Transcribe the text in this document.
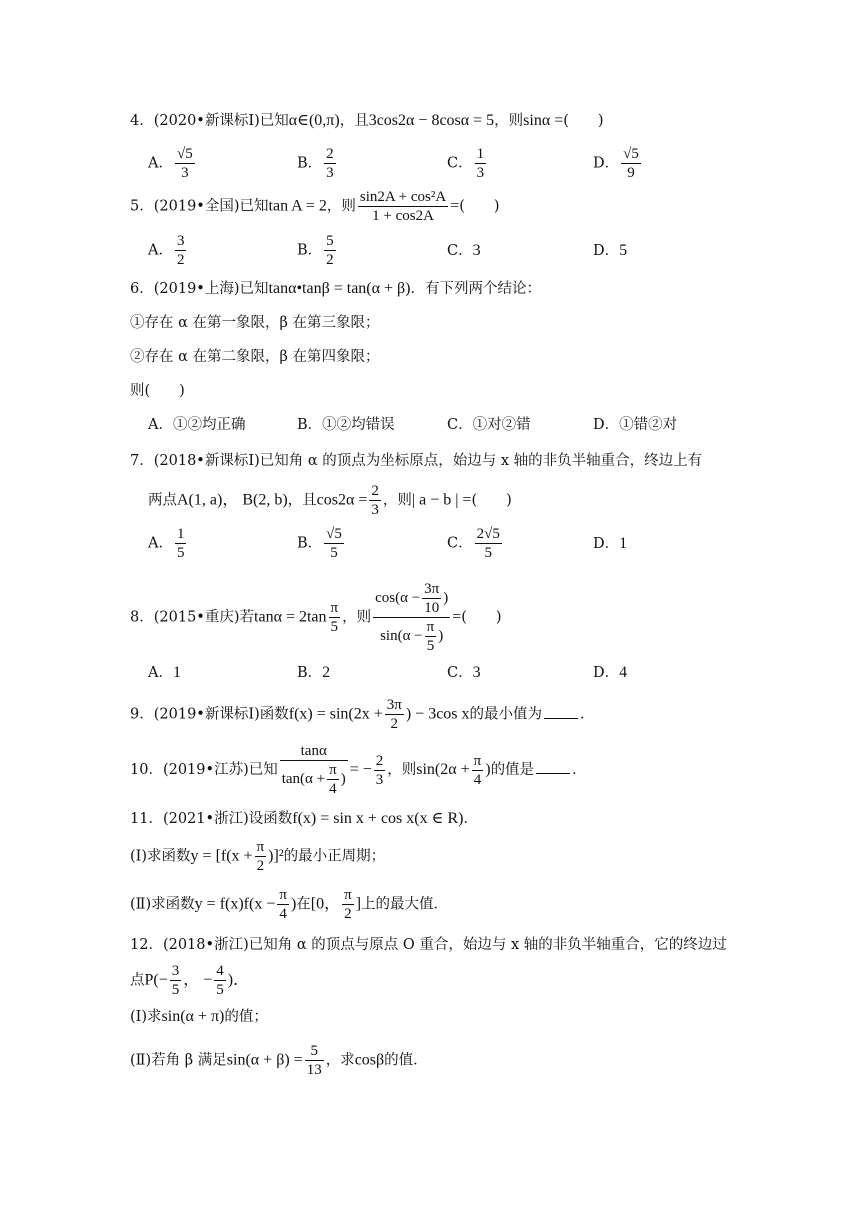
4．(2020•新课标Ⅰ)已知α∈(0,π)，且3cos2α − 8cosα = 5，则sinα =(　　)
A． $\frac{√5}{3}$	B． $\frac{2}{3}$	C． $\frac{1}{3}$	D． $\frac{√5}{9}$
5．(2019•全国)已知tan A = 2，则 $\frac{\text{sin2A + cos²A}}{1 + \cos 2A}$ =(　　)
A． $\frac{3}{2}$	B． $\frac{5}{2}$	C．3	D．5
6．(2019•上海)已知tanα•tanβ = tan(α + β)．有下列两个结论：
①存在 α 在第一象限，β 在第三象限；
②存在 α 在第二象限，β 在第四象限；
则(　　)
A．①②均正确	B．①②均错误	C．①对②错	D．①错②对
7．(2018•新课标Ⅰ)已知角 α 的顶点为坐标原点，始边与 x 轴的非负半轴重合，终边上有
两点A(1, a)， B(2, b)，且$\cos 2\alpha = \frac{2}{3}$ ，则| a − b | =(　　)
A． $\frac{1}{5}$	B． $\frac{√5}{5}$	C． $\frac{2√5}{5}$	D．1
8．(2015•重庆)若$\tan\alpha = 2\tan \frac{\pi}{5}$ ，则 $\frac{\cos(\alpha - \frac{3\pi}{10} )}{\sin(\alpha - \frac{\pi}{5} )}$ =(　　)
A．1	B．2	C．3	D．4
9．(2019•新课标Ⅰ)函数$f(x) = \sin(2x + \frac{3\pi}{2}$ ) − 3cos x的最小值为	．
10．(2019•江苏)已知 $\frac{\tan\alpha}{\tan(\alpha + \frac{\pi}{4} )}$ = − $\frac{2}{3}$ ，则$\sin(2\alpha + \frac{\pi}{4}$ )的值是	．
11．(2021•浙江)设函数f(x) = sin x + cos x(x ∈ R)．
(Ⅰ)求函数$y = [f(x + \frac{\pi}{2} )]^2$的最小正周期；
(Ⅱ)求函数$y = f(x)f(x - \frac{\pi}{4}$ )在[0， $\frac{\pi}{2}$ ]上的最大值．
12．(2018•浙江)已知角 α 的顶点与原点 O 重合，始边与 x 轴的非负半轴重合，它的终边过
点$P(- \frac{3}{5}$ ， − $\frac{4}{5}$ )．
(Ⅰ)求sin(α + π)的值；
(Ⅱ)若角 β 满足$\sin(\alpha + \beta) = \frac{5}{13}$ ，求cosβ的值．
